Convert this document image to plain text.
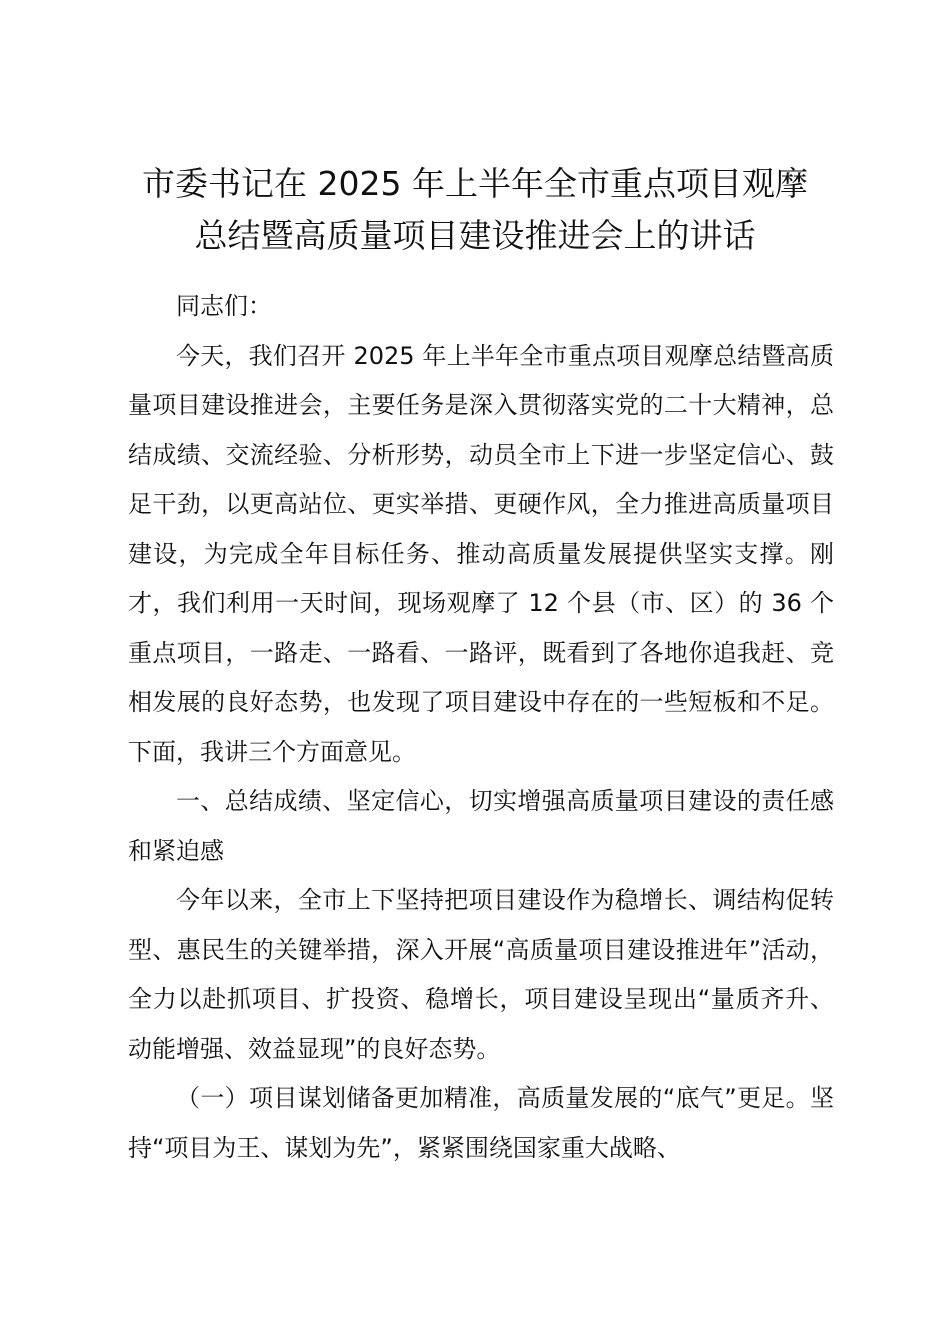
市委书记在 2025 年上半年全市重点项目观摩
总结暨高质量项目建设推进会上的讲话

同志们：

今天，我们召开 2025 年上半年全市重点项目观摩总结暨高质量项目建设推进会，主要任务是深入贯彻落实党的二十大精神，总结成绩、交流经验、分析形势，动员全市上下进一步坚定信心、鼓足干劲，以更高站位、更实举措、更硬作风，全力推进高质量项目建设，为完成全年目标任务、推动高质量发展提供坚实支撑。刚才，我们利用一天时间，现场观摩了 12 个县（市、区）的 36 个重点项目，一路走、一路看、一路评，既看到了各地你追我赶、竞相发展的良好态势，也发现了项目建设中存在的一些短板和不足。下面，我讲三个方面意见。

一、总结成绩、坚定信心，切实增强高质量项目建设的责任感和紧迫感

今年以来，全市上下坚持把项目建设作为稳增长、调结构促转型、惠民生的关键举措，深入开展“高质量项目建设推进年”活动，全力以赴抓项目、扩投资、稳增长，项目建设呈现出“量质齐升、动能增强、效益显现”的良好态势。

（一）项目谋划储备更加精准，高质量发展的“底气”更足。坚持“项目为王、谋划为先”，紧紧围绕国家重大战略、
